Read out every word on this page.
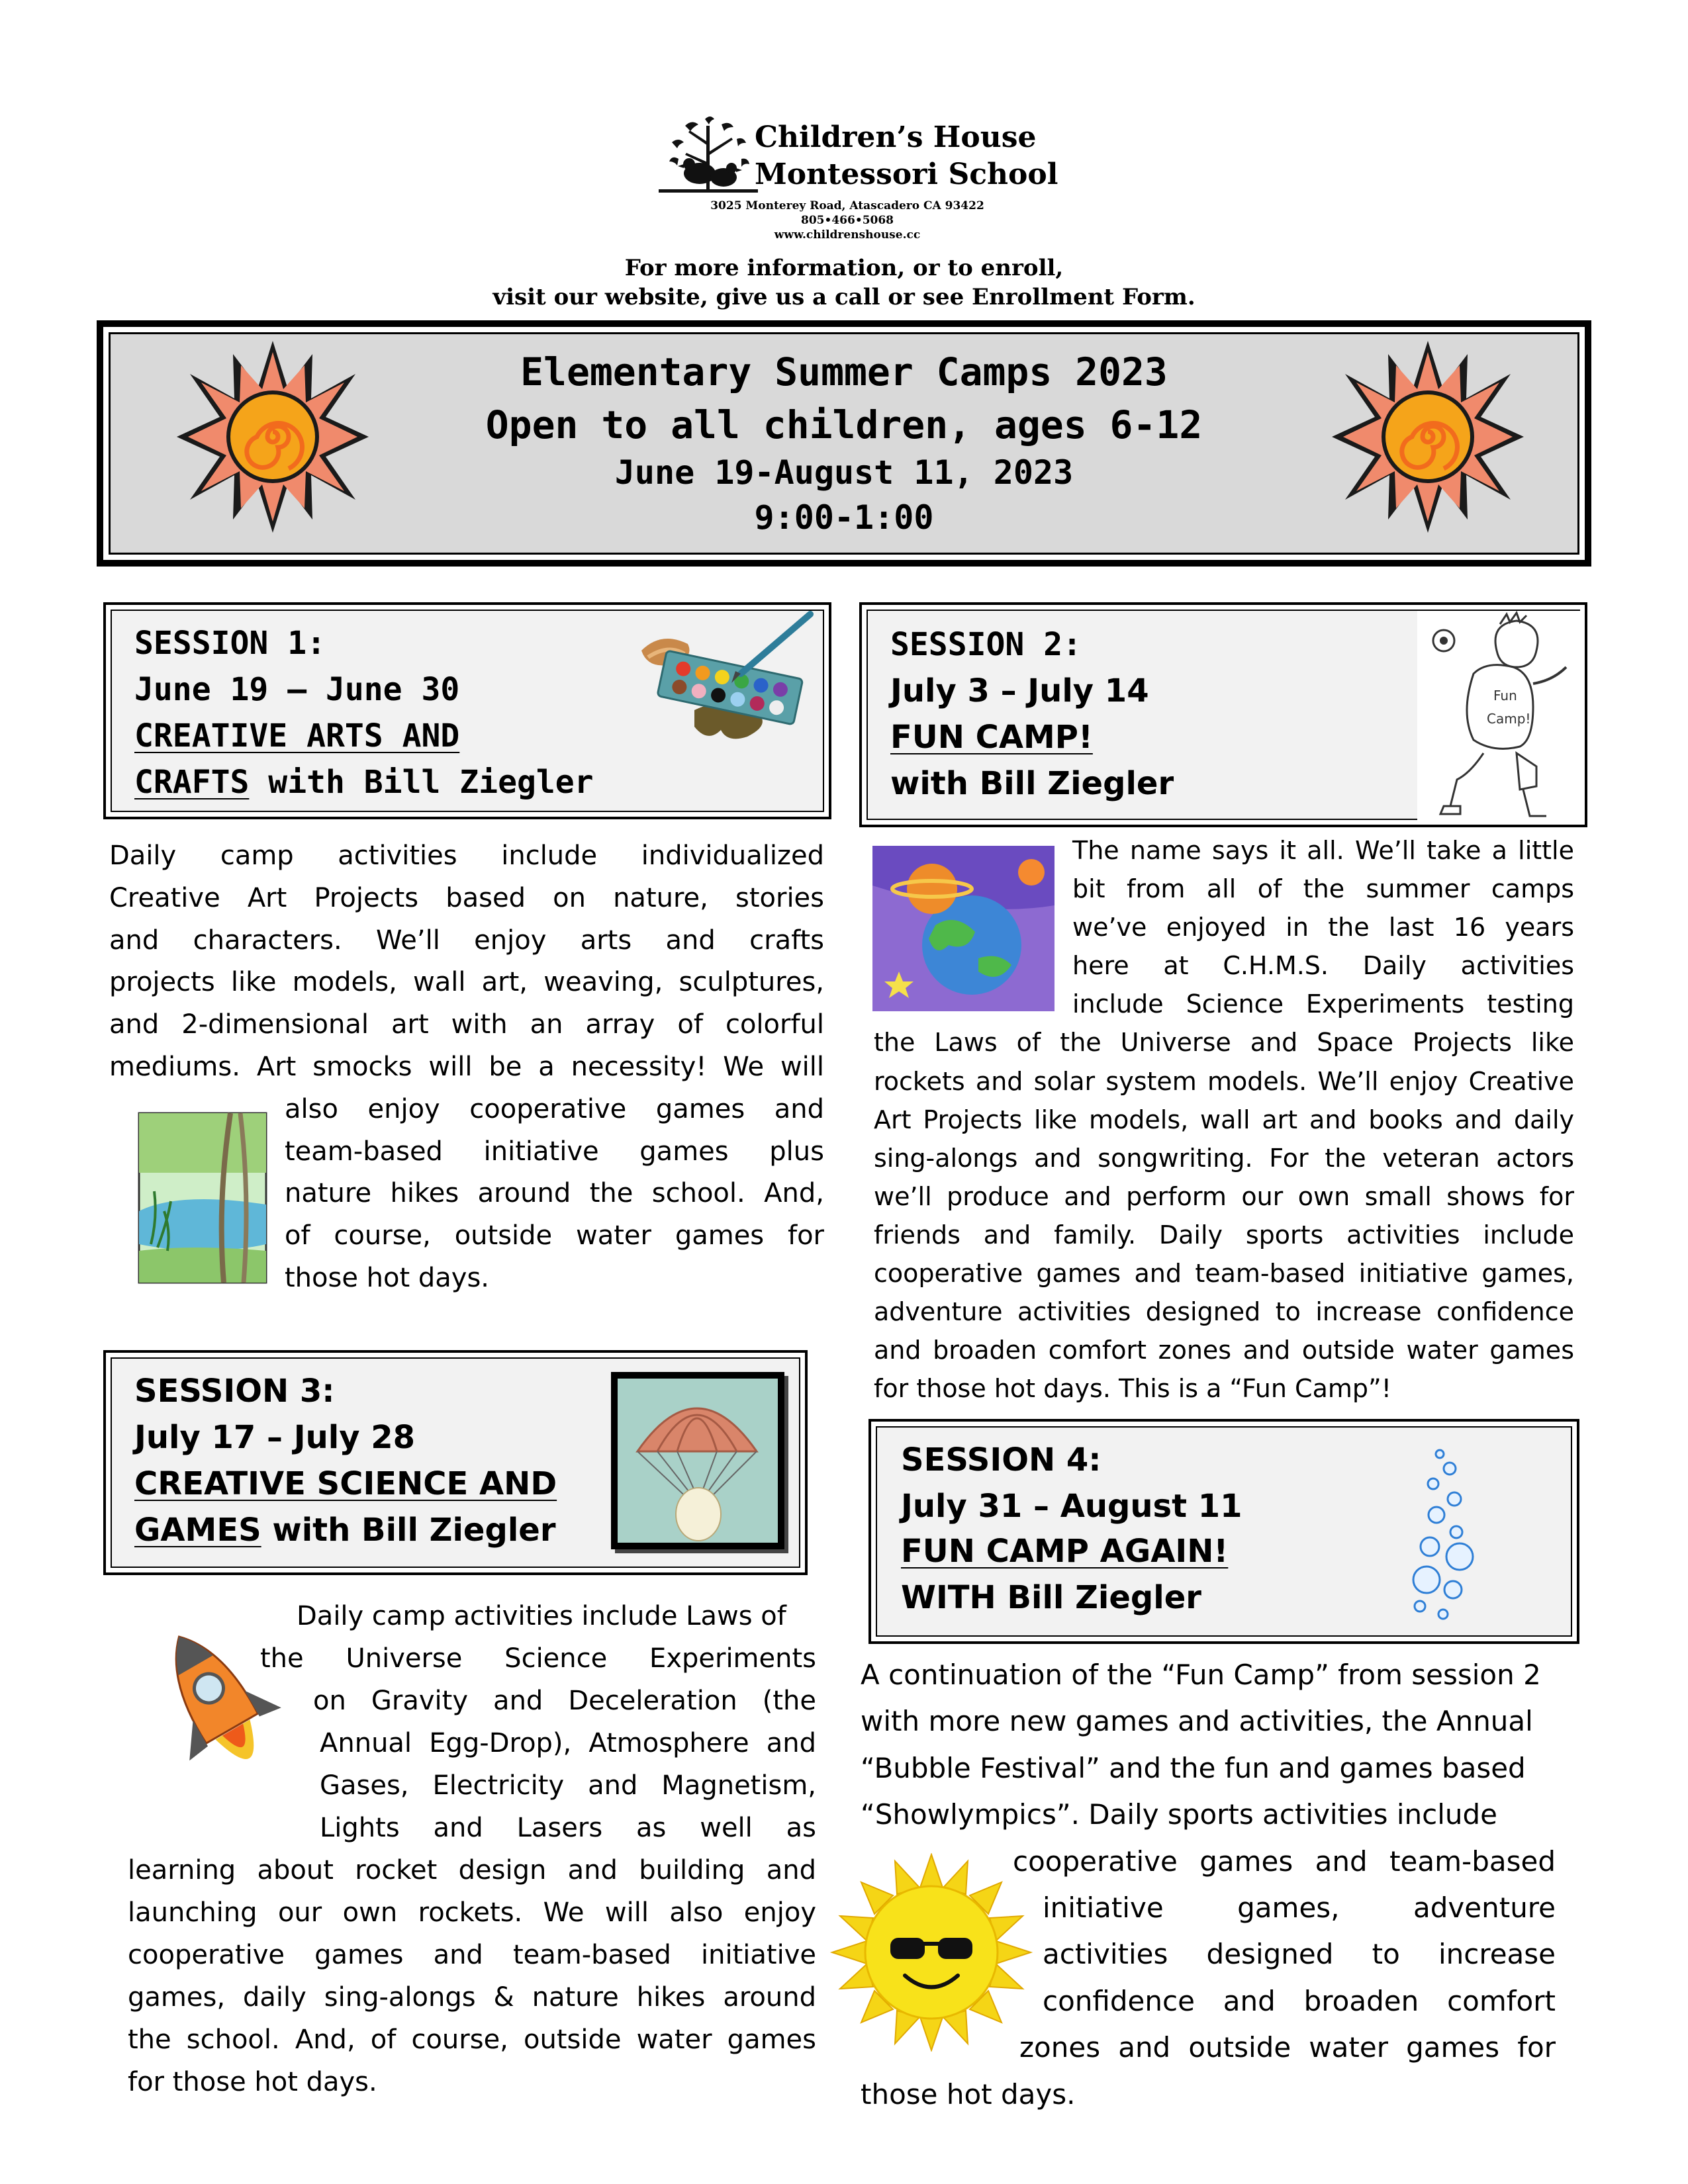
Children’s House
Montessori School
3025 Monterey Road, Atascadero CA 93422
805•466•5068
www.childrenshouse.cc
For more information, or to enroll,
visit our website, give us a call or see Enrollment Form.
Elementary Summer Camps 2023
Open to all children, ages 6-12
June 19-August 11, 2023
9:00-1:00
SESSION 1:
June 19 – June 30
CREATIVE ARTS AND
CRAFTS with Bill Ziegler
Daily camp activities include individualized
Creative Art Projects based on nature, stories
and characters. We’ll enjoy arts and crafts
projects like models, wall art, weaving, sculptures,
and 2-dimensional art with an array of colorful
mediums. Art smocks will be a necessity! We will
also enjoy cooperative games and
team-based initiative games plus
nature hikes around the school. And,
of course, outside water games for
those hot days.
SESSION 2:
July 3 – July 14
FUN CAMP!
with Bill Ziegler
Fun
Camp!
The name says it all. We’ll take a little
bit from all of the summer camps
we’ve enjoyed in the last 16 years
here at C.H.M.S. Daily activities
include Science Experiments testing
the Laws of the Universe and Space Projects like
rockets and solar system models. We’ll enjoy Creative
Art Projects like models, wall art and books and daily
sing-alongs and songwriting. For the veteran actors
we’ll produce and perform our own small shows for
friends and family. Daily sports activities include
cooperative games and team-based initiative games,
adventure activities designed to increase confidence
and broaden comfort zones and outside water games
for those hot days. This is a “Fun Camp”!
SESSION 3:
July 17 – July 28
CREATIVE SCIENCE AND
GAMES with Bill Ziegler
Daily camp activities include Laws of
the Universe Science Experiments
on Gravity and Deceleration (the
Annual Egg-Drop), Atmosphere and
Gases, Electricity and Magnetism,
Lights and Lasers as well as
learning about rocket design and building and
launching our own rockets. We will also enjoy
cooperative games and team-based initiative
games, daily sing-alongs & nature hikes around
the school. And, of course, outside water games
for those hot days.
SESSION 4:
July 31 – August 11
FUN CAMP AGAIN!
WITH Bill Ziegler
A continuation of the “Fun Camp” from session 2
with more new games and activities, the Annual
“Bubble Festival” and the fun and games based
“Showlympics”. Daily sports activities include
cooperative games and team-based
initiative games, adventure
activities designed to increase
confidence and broaden comfort
zones and outside water games for
those hot days.
